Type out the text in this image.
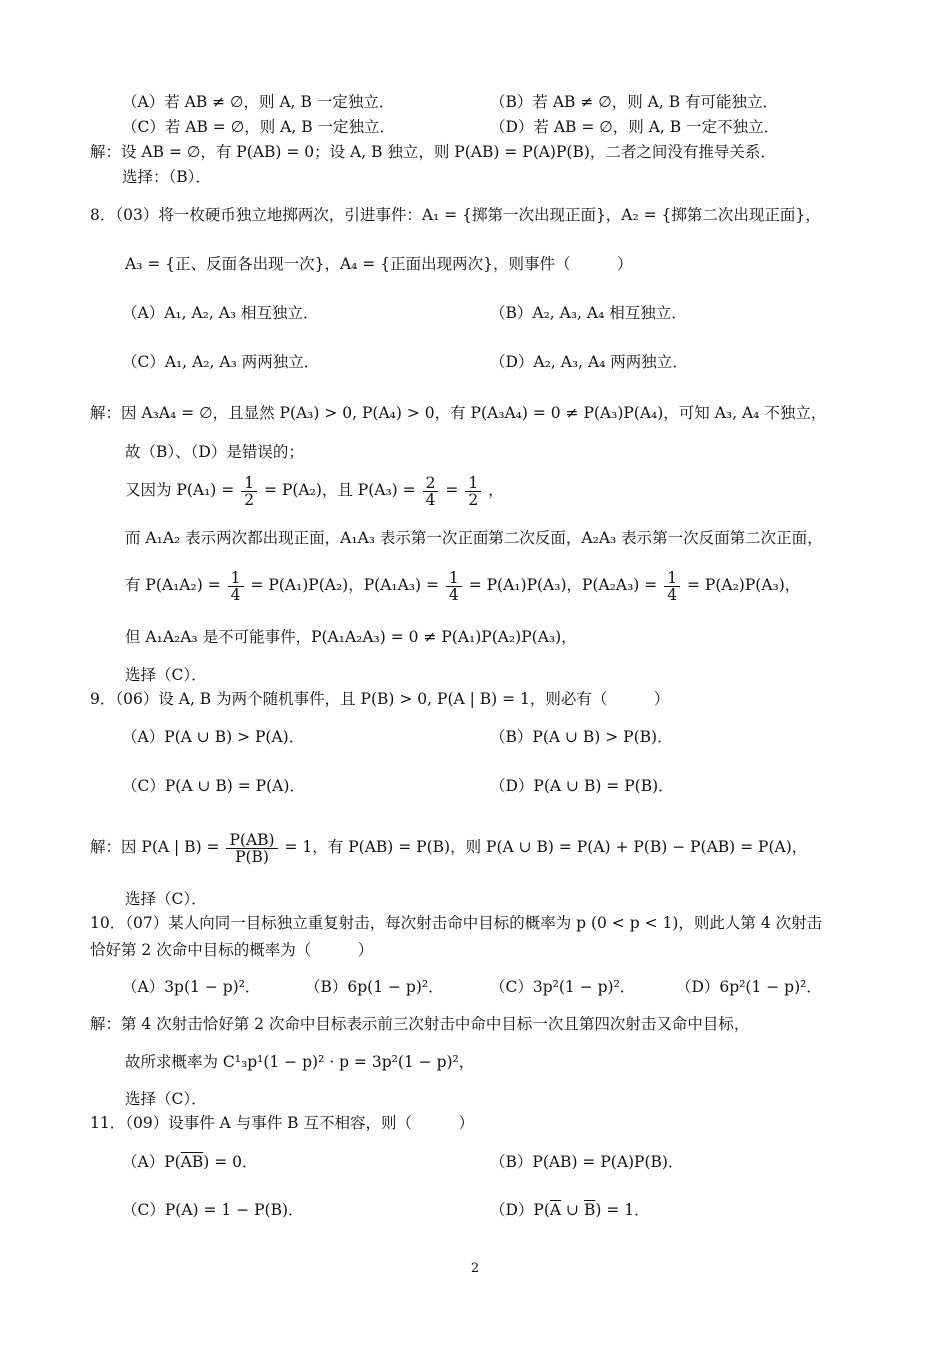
（A）若 AB ≠ ∅，则 A, B 一定独立．	（B）若 AB ≠ ∅，则 A, B 有可能独立．
（C）若 AB = ∅，则 A, B 一定独立．	（D）若 AB = ∅，则 A, B 一定不独立．
解：设 AB = ∅，有 P(AB) = 0；设 A, B 独立，则 P(AB) = P(A)P(B)，二者之间没有推导关系．
选择：（B）．
8．（03）将一枚硬币独立地掷两次，引进事件：A₁ = {掷第一次出现正面}，A₂ = {掷第二次出现正面}，
A₃ = {正、反面各出现一次}，A₄ = {正面出现两次}，则事件（　　　）
（A）A₁, A₂, A₃ 相互独立．	（B）A₂, A₃, A₄ 相互独立．
（C）A₁, A₂, A₃ 两两独立．	（D）A₂, A₃, A₄ 两两独立．
解：因 A₃A₄ = ∅，且显然 P(A₃) > 0, P(A₄) > 0，有 P(A₃A₄) = 0 ≠ P(A₃)P(A₄)，可知 A₃, A₄ 不独立，
故（B）、（D）是错误的；
又因为 $P(A_1) = \frac{1}{2} = P(A_2)$，且 $P(A_3) = \frac{2}{4} = \frac{1}{2}$ ，
而 A₁A₂ 表示两次都出现正面，A₁A₃ 表示第一次正面第二次反面，A₂A₃ 表示第一次反面第二次正面，
有 $P(A_1A_2) = \frac{1}{4} = P(A_1)P(A_2)$，$P(A_1A_3) = \frac{1}{4} = P(A_1)P(A_3)$，$P(A_2A_3) = \frac{1}{4} = P(A_2)P(A_3)$，
但 A₁A₂A₃ 是不可能事件，P(A₁A₂A₃) = 0 ≠ P(A₁)P(A₂)P(A₃)，
选择（C）．
9．（06）设 A, B 为两个随机事件，且 P(B) > 0, P(A | B) = 1，则必有（　　　）
（A）P(A ∪ B) > P(A)．	（B）P(A ∪ B) > P(B)．
（C）P(A ∪ B) = P(A)．	（D）P(A ∪ B) = P(B)．
解：因 P(A | $B) = \frac{P(AB)}{P(B)} = 1$，有 P(AB) = P(B)，则 P(A ∪ B) = P(A) + P(B) − P(AB) = P(A)，
选择（C）．
10．（07）某人向同一目标独立重复射击，每次射击命中目标的概率为 p (0 < p < 1)，则此人第 4 次射击
恰好第 2 次命中目标的概率为（　　　）
（A）3p(1 − p)²．	（B）6p(1 − p)²．	（C）3p²(1 − p)²．	（D）6p²(1 − p)²．
解：第 4 次射击恰好第 2 次命中目标表示前三次射击中命中目标一次且第四次射击又命中目标，
故所求概率为 C¹₃p¹(1 − p)² · p = 3p²(1 − p)²，
选择（C）．
11．（09）设事件 A 与事件 B 互不相容，则（　　　）
$(A)P(\overline{AB}) = 0$．	（B）P(AB) = P(A)P(B)．
（C）P(A) = 1 − P(B)．	$(D)P(\overline{A}$ ∪ $\overline{B}) = 1$．
2
